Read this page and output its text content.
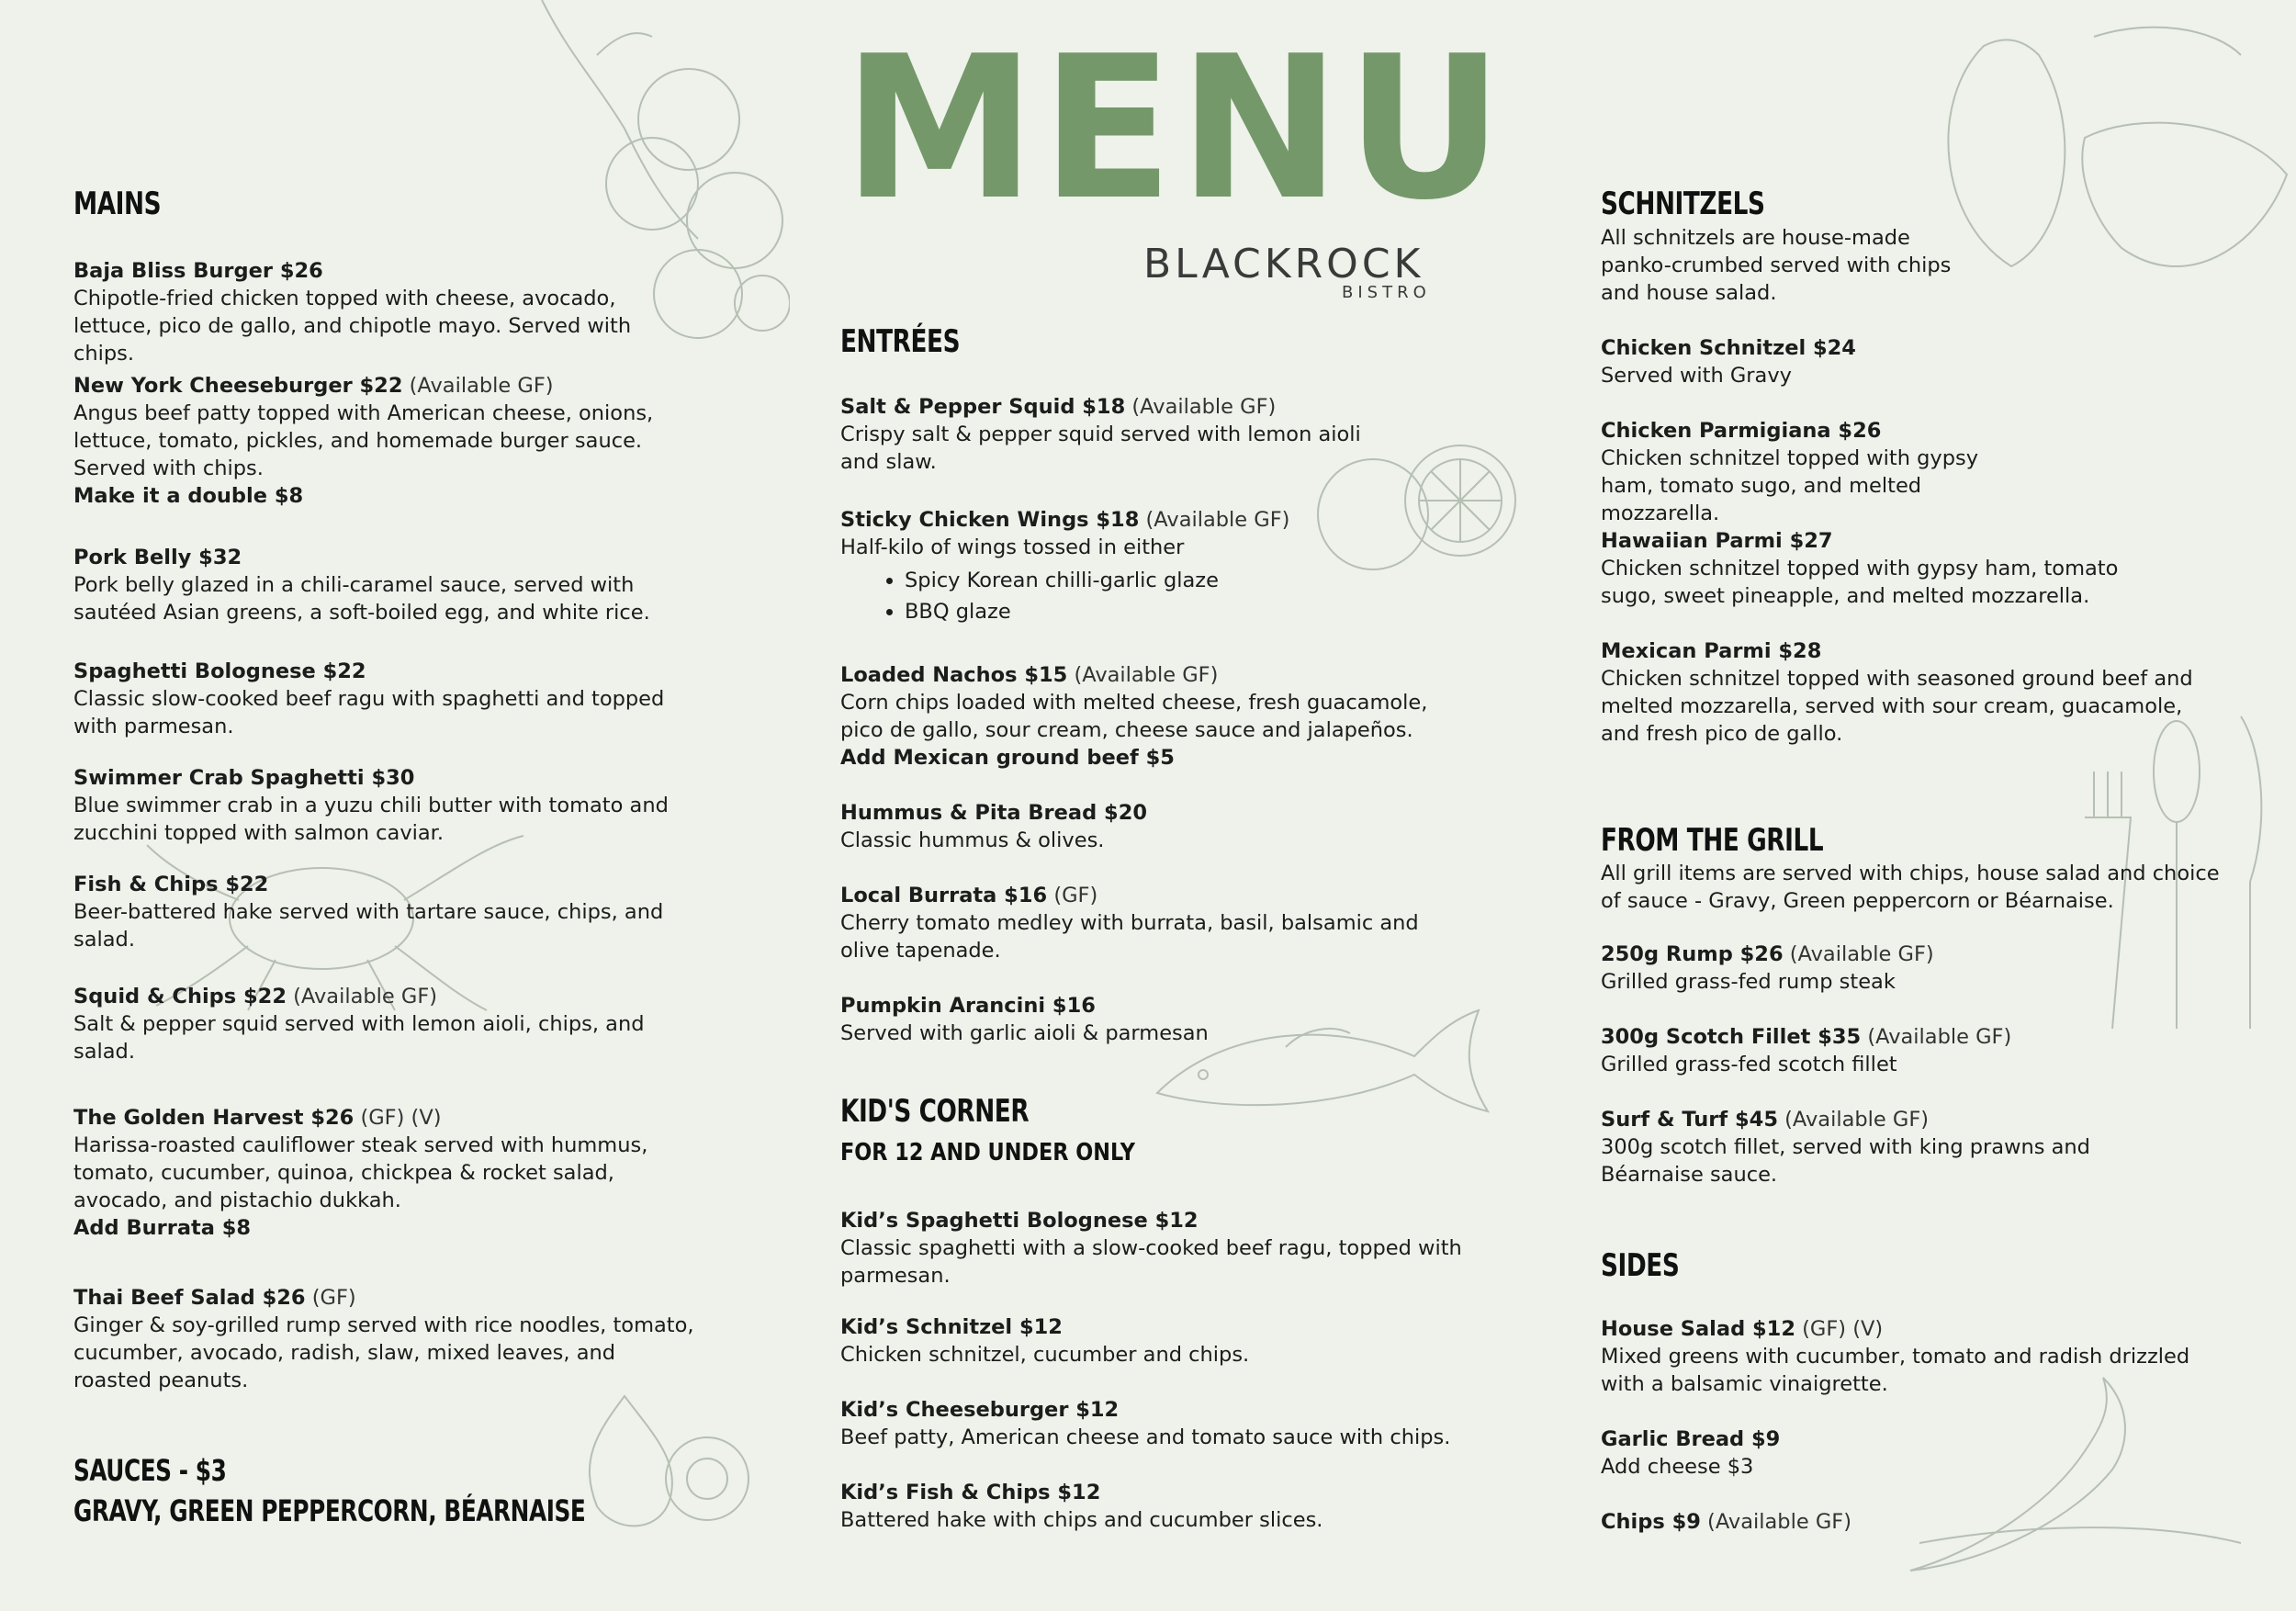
MENU
BLACKROCK
BISTRO
MAINS
Baja Bliss Burger $26
Chipotle-fried chicken topped with cheese, avocado, lettuce, pico de gallo, and chipotle mayo. Served with chips.
New York Cheeseburger $22 (Available GF)
Angus beef patty topped with American cheese, onions, lettuce, tomato, pickles, and homemade burger sauce. Served with chips.
Make it a double $8
Pork Belly $32
Pork belly glazed in a chili-caramel sauce, served with sautéed Asian greens, a soft-boiled egg, and white rice.
Spaghetti Bolognese $22
Classic slow-cooked beef ragu with spaghetti and topped with parmesan.
Swimmer Crab Spaghetti $30
Blue swimmer crab in a yuzu chili butter with tomato and zucchini topped with salmon caviar.
Fish & Chips $22
Beer-battered hake served with tartare sauce, chips, and salad.
Squid & Chips $22 (Available GF)
Salt & pepper squid served with lemon aioli, chips, and salad.
The Golden Harvest $26 (GF) (V)
Harissa-roasted cauliflower steak served with hummus, tomato, cucumber, quinoa, chickpea & rocket salad, avocado, and pistachio dukkah.
Add Burrata $8
Thai Beef Salad $26 (GF)
Ginger & soy-grilled rump served with rice noodles, tomato, cucumber, avocado, radish, slaw, mixed leaves, and roasted peanuts.
SAUCES - $3
GRAVY, GREEN PEPPERCORN, BÉARNAISE
ENTRÉES
Salt & Pepper Squid $18 (Available GF)
Crispy salt & pepper squid served with lemon aioli and slaw.
Sticky Chicken Wings $18 (Available GF)
Half-kilo of wings tossed in either
• Spicy Korean chilli-garlic glaze
• BBQ glaze
Loaded Nachos $15 (Available GF)
Corn chips loaded with melted cheese, fresh guacamole, pico de gallo, sour cream, cheese sauce and jalapeños.
Add Mexican ground beef $5
Hummus & Pita Bread $20
Classic hummus & olives.
Local Burrata $16 (GF)
Cherry tomato medley with burrata, basil, balsamic and olive tapenade.
Pumpkin Arancini $16
Served with garlic aioli & parmesan
KID'S CORNER
FOR 12 AND UNDER ONLY
Kid’s Spaghetti Bolognese $12
Classic spaghetti with a slow-cooked beef ragu, topped with parmesan.
Kid’s Schnitzel $12
Chicken schnitzel, cucumber and chips.
Kid’s Cheeseburger $12
Beef patty, American cheese and tomato sauce with chips.
Kid’s Fish & Chips $12
Battered hake with chips and cucumber slices.
SCHNITZELS
All schnitzels are house-made panko-crumbed served with chips and house salad.
Chicken Schnitzel $24
Served with Gravy
Chicken Parmigiana $26
Chicken schnitzel topped with gypsy ham, tomato sugo, and melted mozzarella.
Hawaiian Parmi $27
Chicken schnitzel topped with gypsy ham, tomato sugo, sweet pineapple, and melted mozzarella.
Mexican Parmi $28
Chicken schnitzel topped with seasoned ground beef and melted mozzarella, served with sour cream, guacamole, and fresh pico de gallo.
FROM THE GRILL
All grill items are served with chips, house salad and choice of sauce - Gravy, Green peppercorn or Béarnaise.
250g Rump $26 (Available GF)
Grilled grass-fed rump steak
300g Scotch Fillet $35 (Available GF)
Grilled grass-fed scotch fillet
Surf & Turf $45 (Available GF)
300g scotch fillet, served with king prawns and Béarnaise sauce.
SIDES
House Salad $12 (GF) (V)
Mixed greens with cucumber, tomato and radish drizzled with a balsamic vinaigrette.
Garlic Bread $9
Add cheese $3
Chips $9 (Available GF)
